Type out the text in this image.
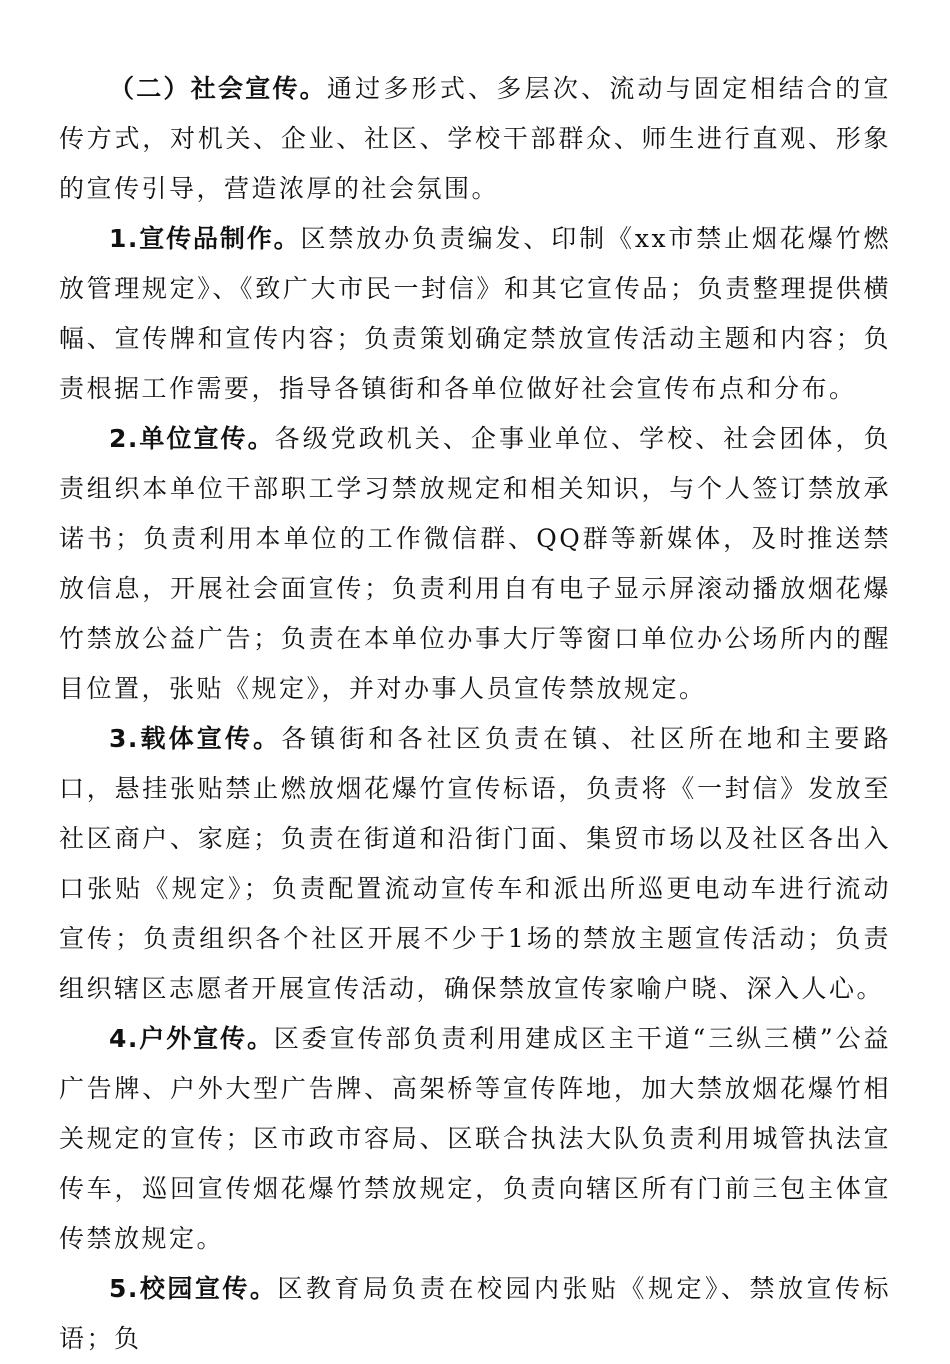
（二）社会宣传。通过多形式、多层次、流动与固定相结合的宣传方式，对机关、企业、社区、学校干部群众、师生进行直观、形象的宣传引导，营造浓厚的社会氛围。

1.宣传品制作。区禁放办负责编发、印制《xx市禁止烟花爆竹燃放管理规定》、《致广大市民一封信》和其它宣传品；负责整理提供横幅、宣传牌和宣传内容；负责策划确定禁放宣传活动主题和内容；负责根据工作需要，指导各镇街和各单位做好社会宣传布点和分布。

2.单位宣传。各级党政机关、企事业单位、学校、社会团体，负责组织本单位干部职工学习禁放规定和相关知识，与个人签订禁放承诺书；负责利用本单位的工作微信群、QQ群等新媒体，及时推送禁放信息，开展社会面宣传；负责利用自有电子显示屏滚动播放烟花爆竹禁放公益广告；负责在本单位办事大厅等窗口单位办公场所内的醒目位置，张贴《规定》，并对办事人员宣传禁放规定。

3.载体宣传。各镇街和各社区负责在镇、社区所在地和主要路口，悬挂张贴禁止燃放烟花爆竹宣传标语，负责将《一封信》发放至社区商户、家庭；负责在街道和沿街门面、集贸市场以及社区各出入口张贴《规定》；负责配置流动宣传车和派出所巡更电动车进行流动宣传；负责组织各个社区开展不少于1场的禁放主题宣传活动；负责组织辖区志愿者开展宣传活动，确保禁放宣传家喻户晓、深入人心。

4.户外宣传。区委宣传部负责利用建成区主干道“三纵三横”公益广告牌、户外大型广告牌、高架桥等宣传阵地，加大禁放烟花爆竹相关规定的宣传；区市政市容局、区联合执法大队负责利用城管执法宣传车，巡回宣传烟花爆竹禁放规定，负责向辖区所有门前三包主体宣传禁放规定。

5.校园宣传。区教育局负责在校园内张贴《规定》、禁放宣传标语；负
